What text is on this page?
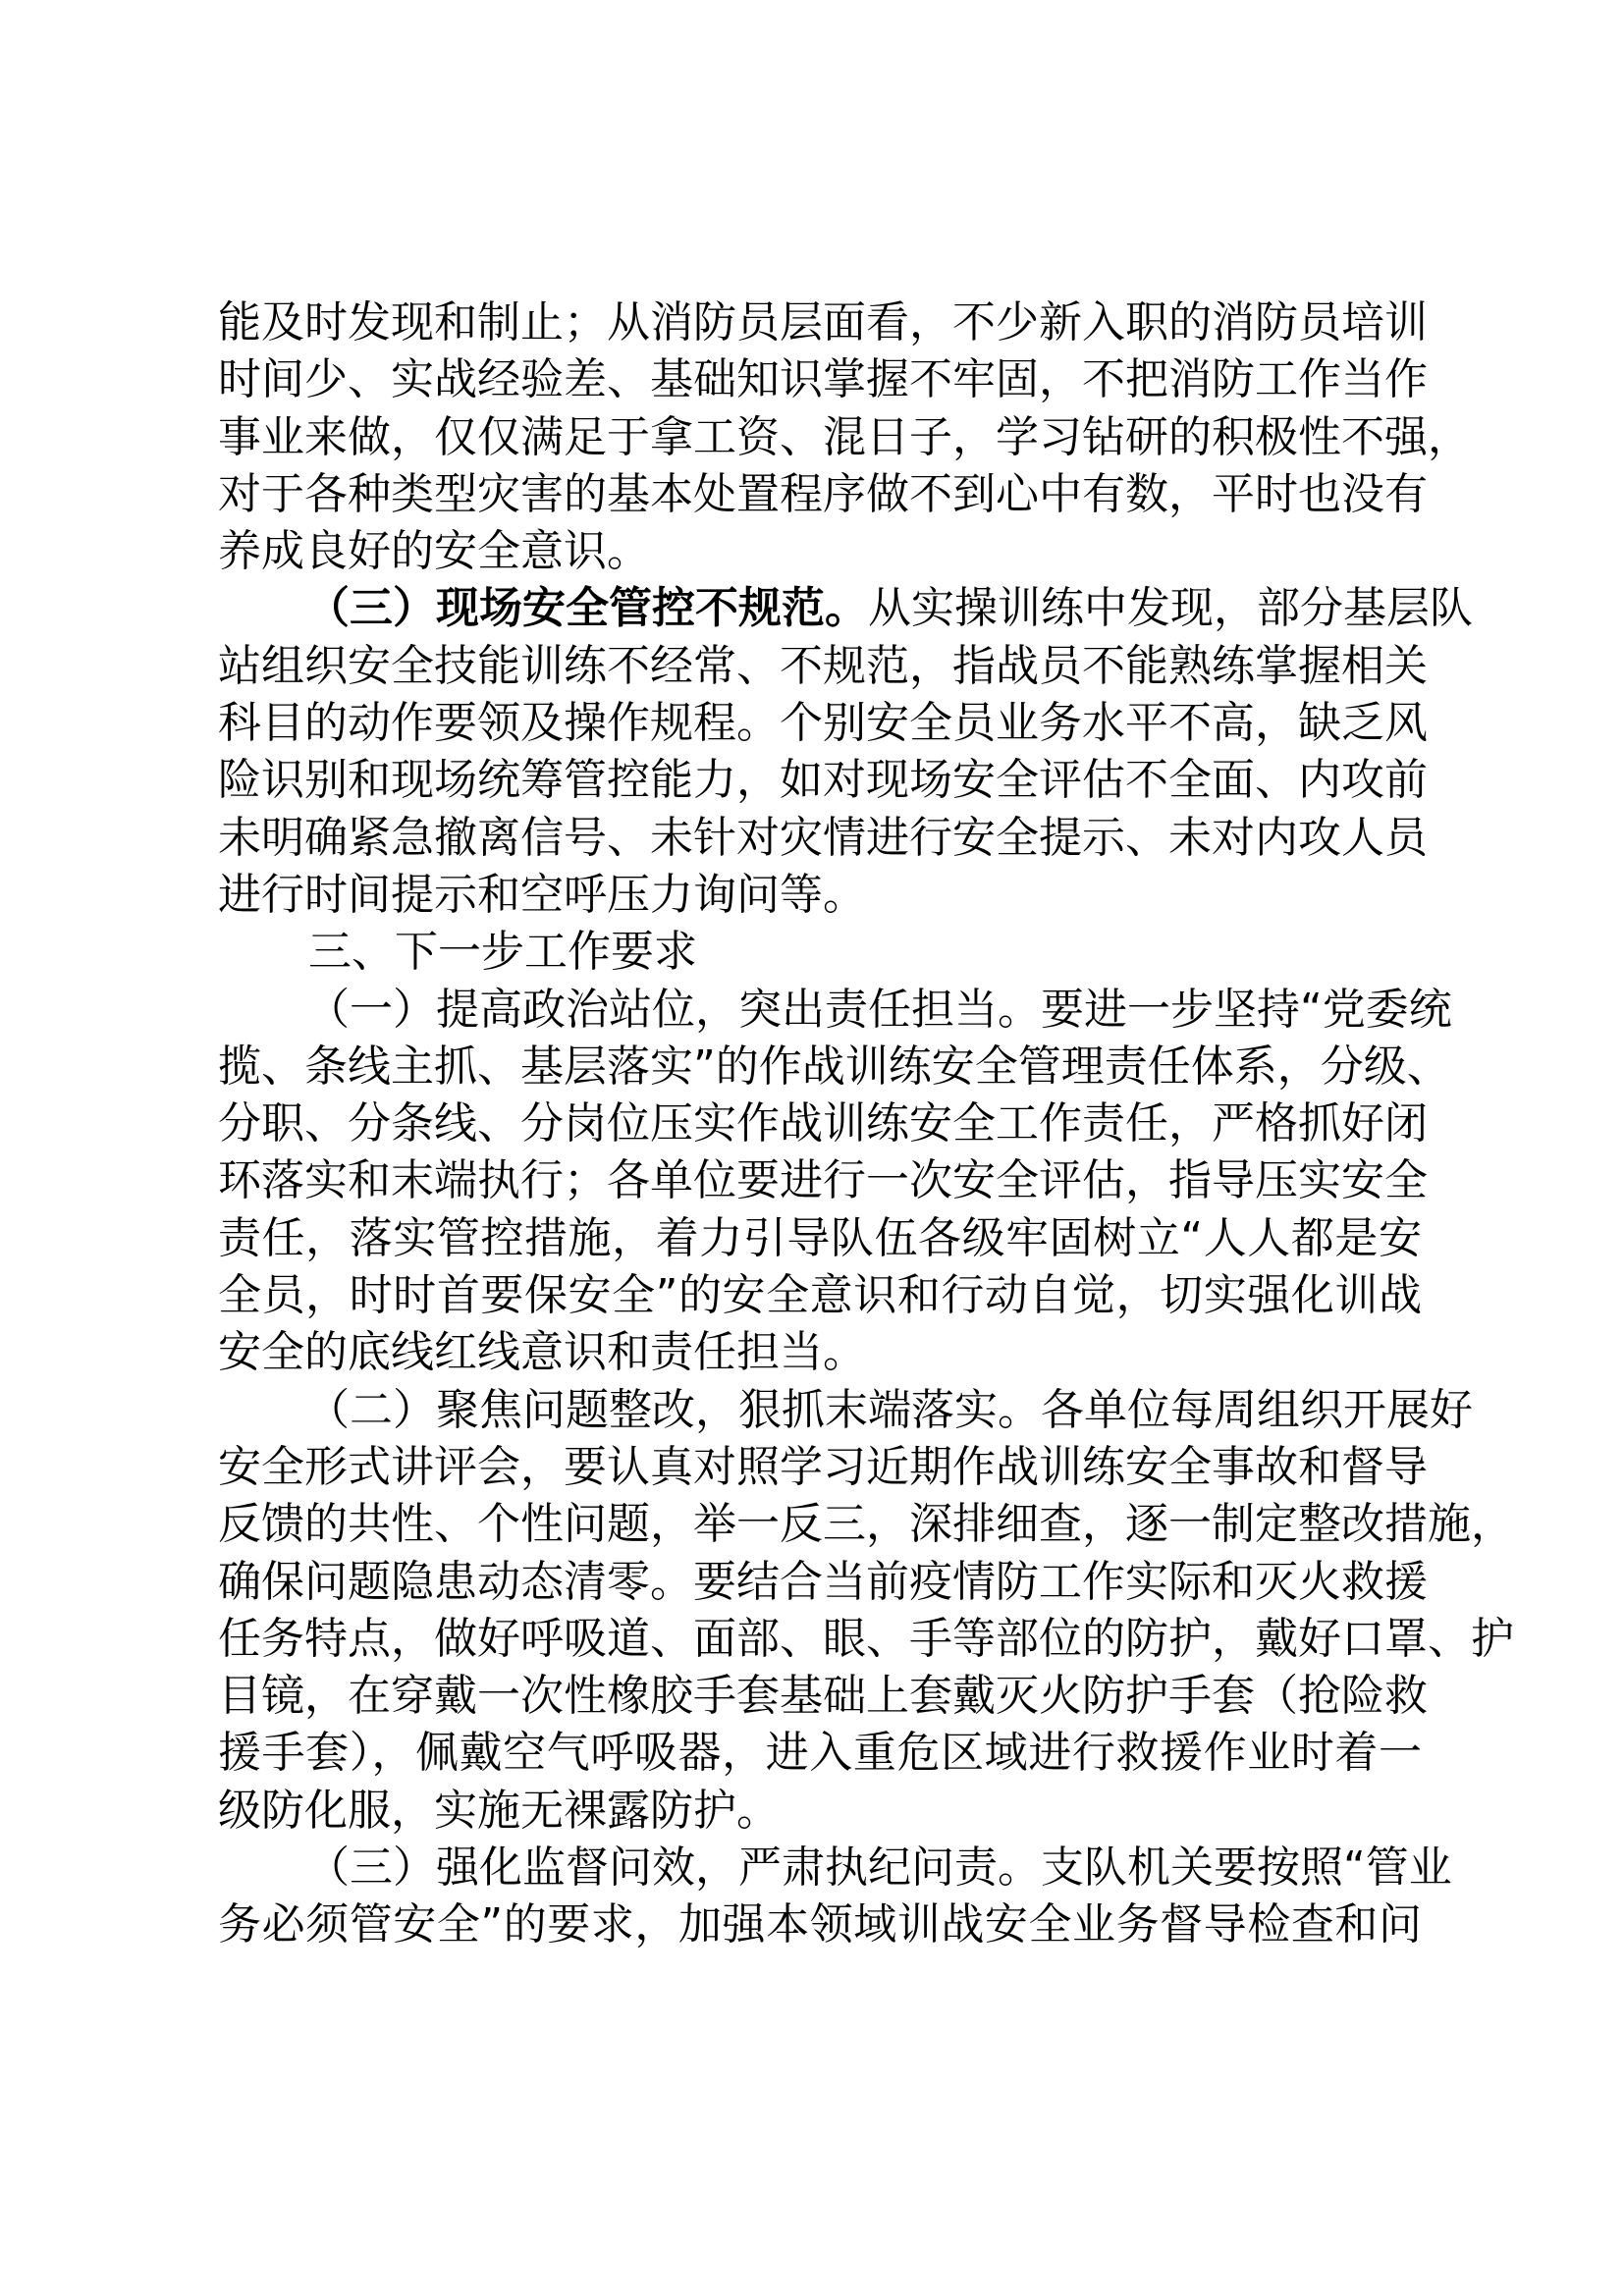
能及时发现和制止；从消防员层面看，不少新入职的消防员培训
时间少、实战经验差、基础知识掌握不牢固，不把消防工作当作
事业来做，仅仅满足于拿工资、混日子，学习钻研的积极性不强，
对于各种类型灾害的基本处置程序做不到心中有数，平时也没有
养成良好的安全意识。
（三）现场安全管控不规范。从实操训练中发现，部分基层队
站组织安全技能训练不经常、不规范，指战员不能熟练掌握相关
科目的动作要领及操作规程。个别安全员业务水平不高，缺乏风
险识别和现场统筹管控能力，如对现场安全评估不全面、内攻前
未明确紧急撤离信号、未针对灾情进行安全提示、未对内攻人员
进行时间提示和空呼压力询问等。
三、下一步工作要求
（一）提高政治站位，突出责任担当。要进一步坚持“党委统
揽、条线主抓、基层落实”的作战训练安全管理责任体系，分级、
分职、分条线、分岗位压实作战训练安全工作责任，严格抓好闭
环落实和末端执行；各单位要进行一次安全评估，指导压实安全
责任，落实管控措施，着力引导队伍各级牢固树立“人人都是安
全员，时时首要保安全”的安全意识和行动自觉，切实强化训战
安全的底线红线意识和责任担当。
（二）聚焦问题整改，狠抓末端落实。各单位每周组织开展好
安全形式讲评会，要认真对照学习近期作战训练安全事故和督导
反馈的共性、个性问题，举一反三，深排细查，逐一制定整改措施，
确保问题隐患动态清零。要结合当前疫情防工作实际和灭火救援
任务特点，做好呼吸道、面部、眼、手等部位的防护，戴好口罩、护
目镜，在穿戴一次性橡胶手套基础上套戴灭火防护手套（抢险救
援手套），佩戴空气呼吸器，进入重危区域进行救援作业时着一
级防化服，实施无裸露防护。
（三）强化监督问效，严肃执纪问责。支队机关要按照“管业
务必须管安全”的要求，加强本领域训战安全业务督导检查和问
